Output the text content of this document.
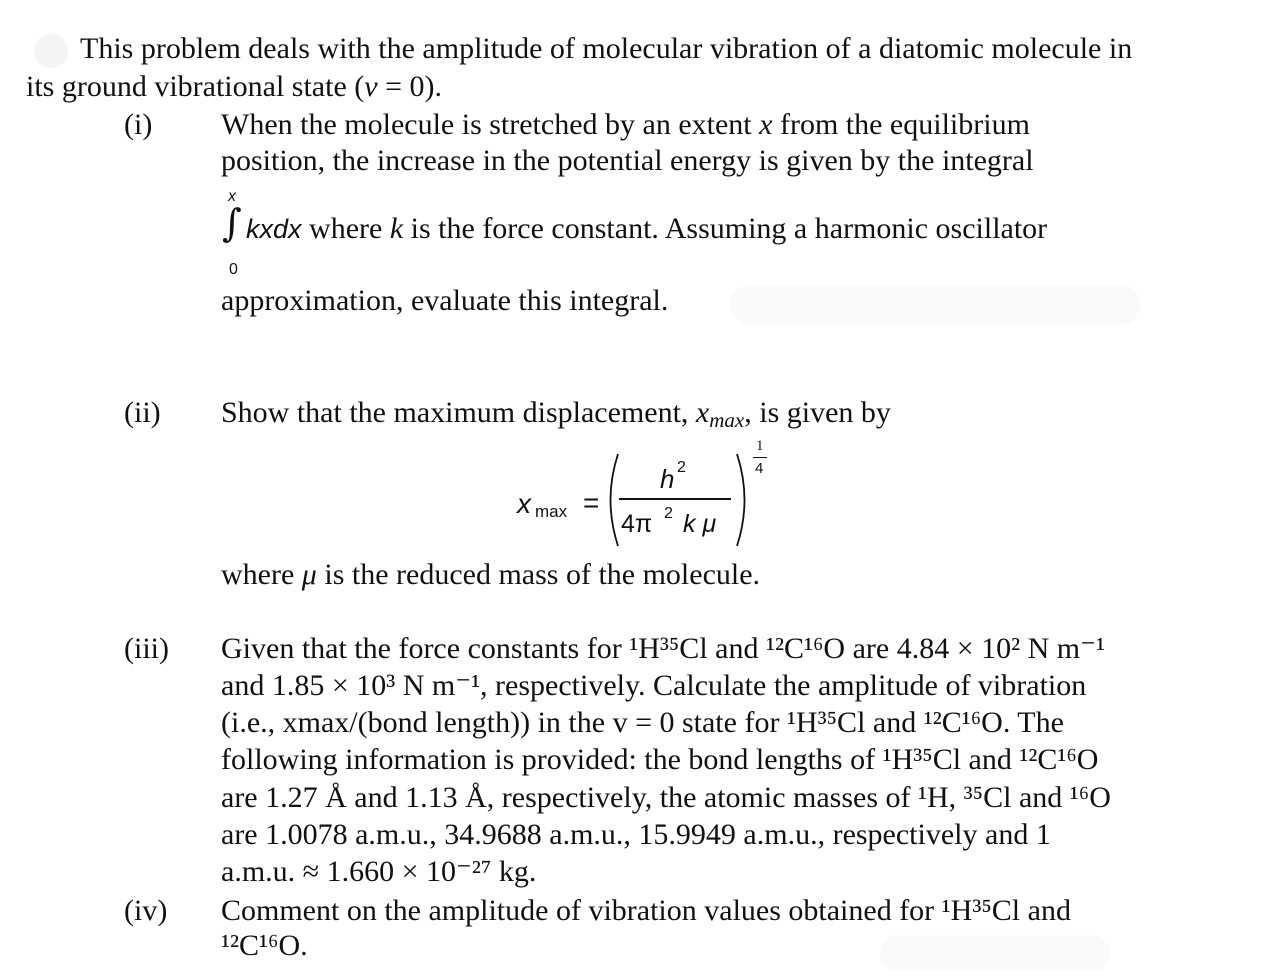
This problem deals with the amplitude of molecular vibration of a diatomic molecule in
its ground vibrational state (v = 0).
(i) When the molecule is stretched by an extent x from the equilibrium
position, the increase in the potential energy is given by the integral
x
∫
0
kxdx where k is the force constant. Assuming a harmonic oscillator
approximation, evaluate this integral.
(ii) Show that the maximum displacement, xmax, is given by
x max =
h 2
4π 2 k μ
1
4
where μ is the reduced mass of the molecule.
(iii) Given that the force constants for ¹H³⁵Cl and ¹²C¹⁶O are 4.84 × 10² N m⁻¹
and 1.85 × 10³ N m⁻¹, respectively. Calculate the amplitude of vibration
(i.e., xmax/(bond length)) in the v = 0 state for ¹H³⁵Cl and ¹²C¹⁶O. The
following information is provided: the bond lengths of ¹H³⁵Cl and ¹²C¹⁶O
are 1.27 Å and 1.13 Å, respectively, the atomic masses of ¹H, ³⁵Cl and ¹⁶O
are 1.0078 a.m.u., 34.9688 a.m.u., 15.9949 a.m.u., respectively and 1
a.m.u. ≈ 1.660 × 10⁻²⁷ kg.
(iv) Comment on the amplitude of vibration values obtained for ¹H³⁵Cl and
¹²C¹⁶O.
